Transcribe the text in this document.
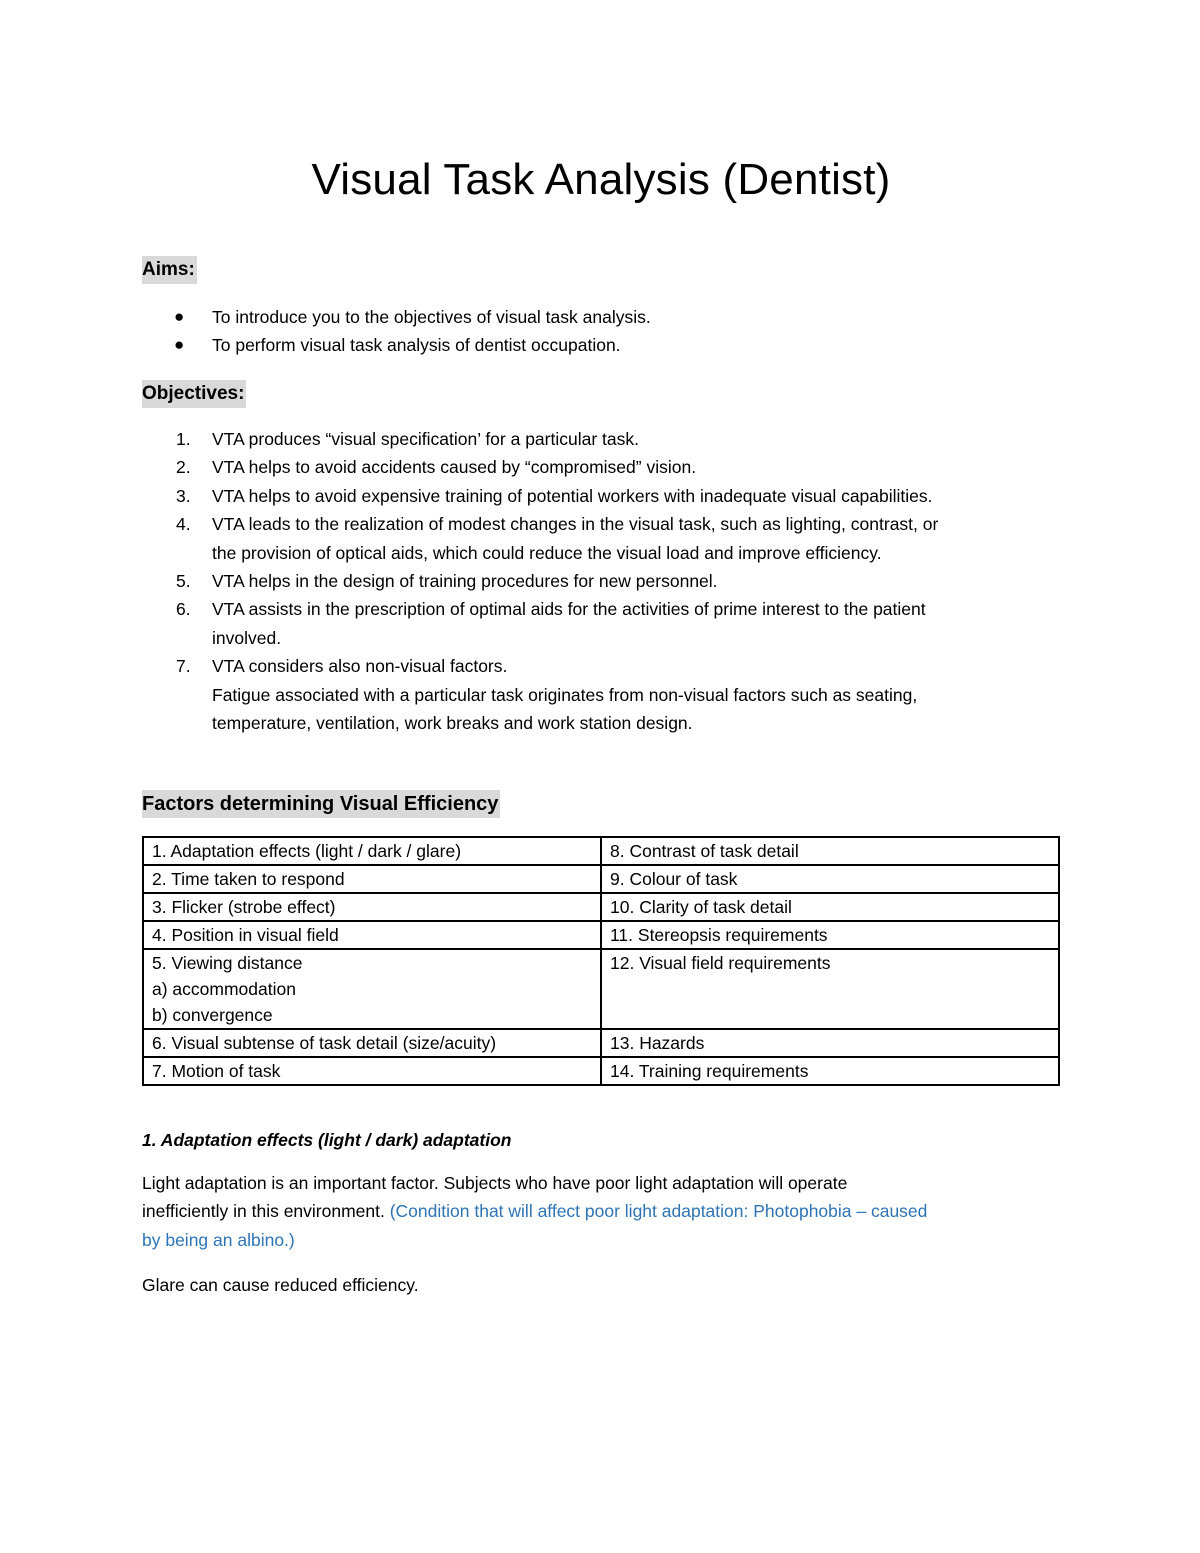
Visual Task Analysis (Dentist)
Aims:
● To introduce you to the objectives of visual task analysis.
● To perform visual task analysis of dentist occupation.
Objectives:
1. VTA produces “visual specification’ for a particular task.
2. VTA helps to avoid accidents caused by “compromised” vision.
3. VTA helps to avoid expensive training of potential workers with inadequate visual capabilities.
4. VTA leads to the realization of modest changes in the visual task, such as lighting, contrast, or
the provision of optical aids, which could reduce the visual load and improve efficiency.
5. VTA helps in the design of training procedures for new personnel.
6. VTA assists in the prescription of optimal aids for the activities of prime interest to the patient
involved.
7. VTA considers also non-visual factors.
Fatigue associated with a particular task originates from non-visual factors such as seating,
temperature, ventilation, work breaks and work station design.
Factors determining Visual Efficiency
1. Adaptation effects (light / dark / glare)	8. Contrast of task detail
2. Time taken to respond	9. Colour of task
3. Flicker (strobe effect)	10. Clarity of task detail
4. Position in visual field	11. Stereopsis requirements
5. Viewing distance
a) accommodation
b) convergence	12. Visual field requirements
6. Visual subtense of task detail (size/acuity)	13. Hazards
7. Motion of task	14. Training requirements
1. Adaptation effects (light / dark) adaptation

Light adaptation is an important factor. Subjects who have poor light adaptation will operate
inefficiently in this environment. (Condition that will affect poor light adaptation: Photophobia – caused
by being an albino.)

Glare can cause reduced efficiency.
